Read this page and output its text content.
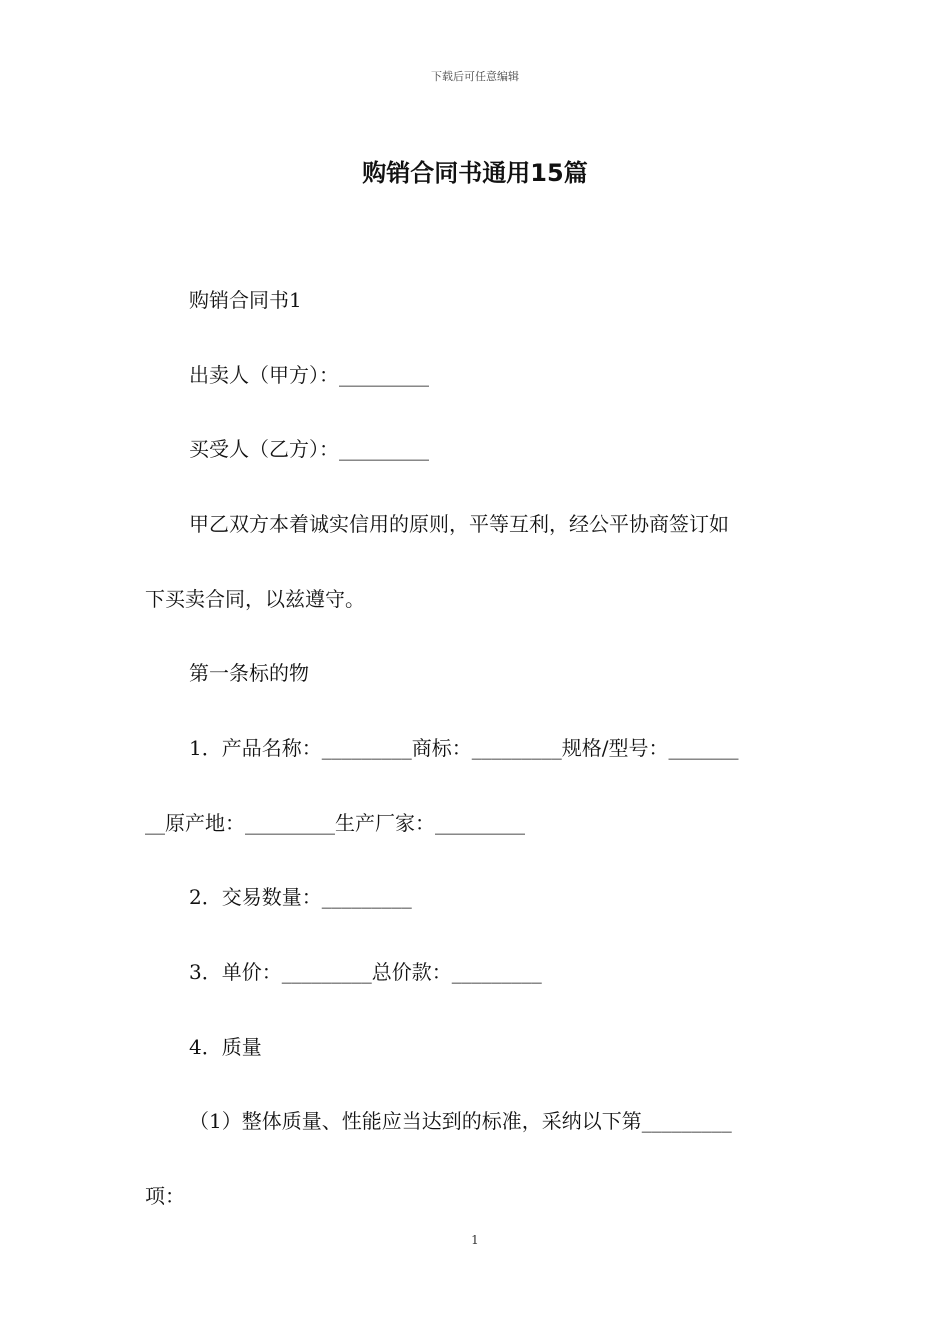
下载后可任意编辑
购销合同书通用15篇
购销合同书1
出卖人（甲方）：_________
买受人（乙方）：_________
甲乙双方本着诚实信用的原则，平等互利，经公平协商签订如
下买卖合同，以兹遵守。
第一条标的物
1．产品名称：_________商标：_________规格/型号：_______
__原产地：_________生产厂家：_________
2．交易数量：_________
3．单价：_________总价款：_________
4．质量
（1）整体质量、性能应当达到的标准，采纳以下第_________
项：
1
